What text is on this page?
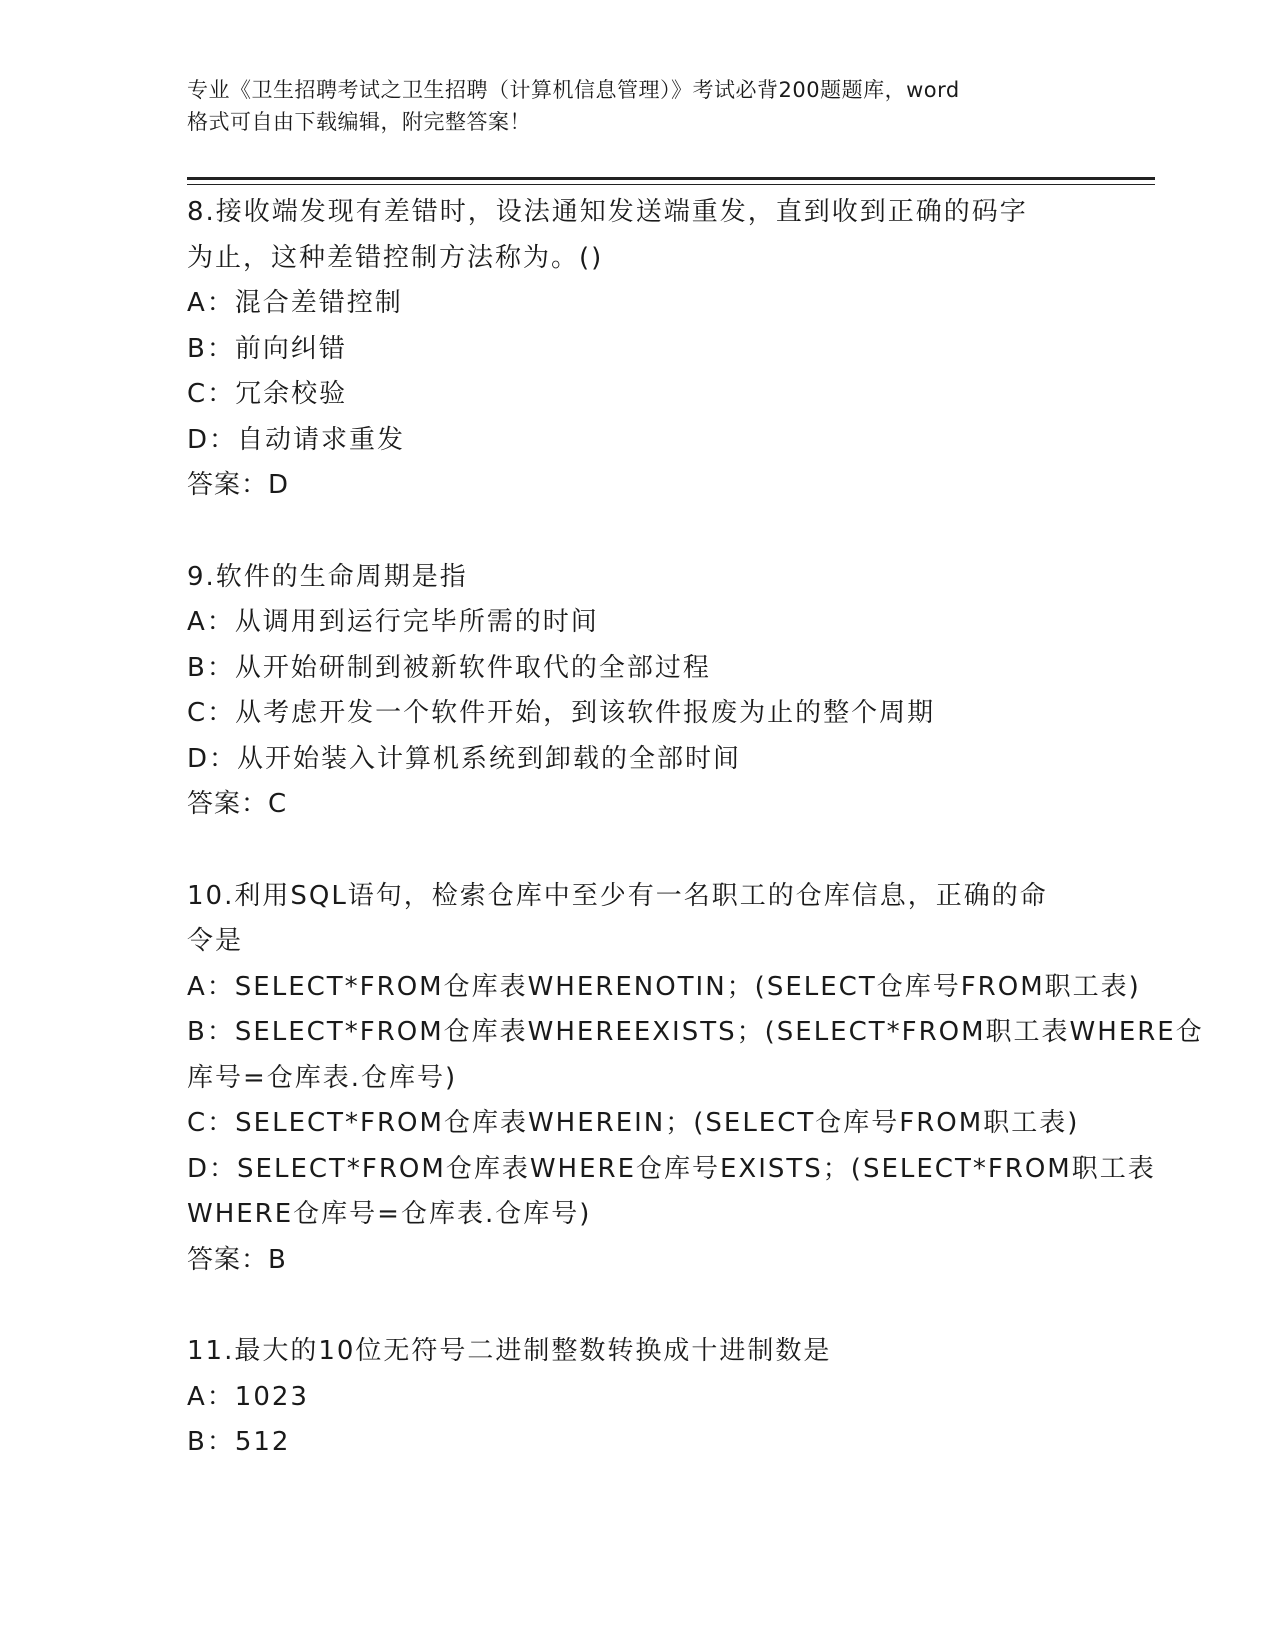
专业《卫生招聘考试之卫生招聘（计算机信息管理）》考试必背200题题库，word

格式可自由下载编辑，附完整答案！

8.接收端发现有差错时，设法通知发送端重发，直到收到正确的码字
为止，这种差错控制方法称为。()
A：混合差错控制
B：前向纠错
C：冗余校验
D：自动请求重发
答案：D
9.软件的生命周期是指
A：从调用到运行完毕所需的时间
B：从开始研制到被新软件取代的全部过程
C：从考虑开发一个软件开始，到该软件报废为止的整个周期
D：从开始装入计算机系统到卸载的全部时间
答案：C
10.利用SQL语句，检索仓库中至少有一名职工的仓库信息，正确的命
令是
A：SELECT*FROM仓库表WHERENOTIN；(SELECT仓库号FROM职工表)
B：SELECT*FROM仓库表WHEREEXISTS；(SELECT*FROM职工表WHERE仓
库号=仓库表.仓库号)
C：SELECT*FROM仓库表WHEREIN；(SELECT仓库号FROM职工表)
D：SELECT*FROM仓库表WHERE仓库号EXISTS；(SELECT*FROM职工表
WHERE仓库号=仓库表.仓库号)
答案：B
11.最大的10位无符号二进制整数转换成十进制数是
A：1023
B：512
